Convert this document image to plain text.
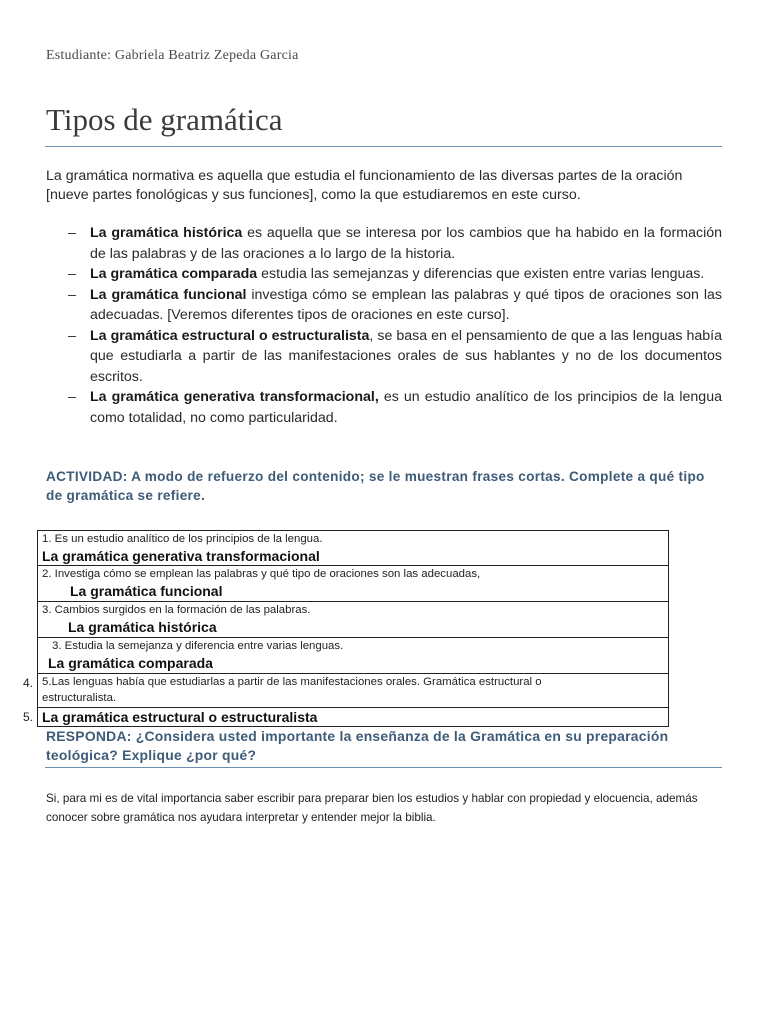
Estudiante: Gabriela Beatriz Zepeda Garcia
Tipos de gramática

La gramática normativa es aquella que estudia el funcionamiento de las diversas partes de la oración [nueve partes fonológicas y sus funciones], como la que estudiaremos en este curso.

– La gramática histórica es aquella que se interesa por los cambios que ha habido en la formación de las palabras y de las oraciones a lo largo de la historia.
– La gramática comparada estudia las semejanzas y diferencias que existen entre varias lenguas.
– La gramática funcional investiga cómo se emplean las palabras y qué tipos de oraciones son las adecuadas. [Veremos diferentes tipos de oraciones en este curso].
– La gramática estructural o estructuralista, se basa en el pensamiento de que a las lenguas había que estudiarla a partir de las manifestaciones orales de sus hablantes y no de los documentos escritos.
– La gramática generativa transformacional, es un estudio analítico de los principios de la lengua como totalidad, no como particularidad.

ACTIVIDAD: A modo de refuerzo del contenido; se le muestran frases cortas. Complete a qué tipo de gramática se refiere.

1. Es un estudio analítico de los principios de la lengua.
La gramática generativa transformacional

2. Investiga cómo se emplean las palabras y qué tipo de oraciones son las adecuadas,
La gramática funcional

3. Cambios surgidos en la formación de las palabras.
La gramática histórica

3. Estudia la semejanza y diferencia entre varias lenguas.
La gramática comparada

5.Las lenguas había que estudiarlas a partir de las manifestaciones orales. Gramática estructural o
estructuralista.

La gramática estructural o estructuralista
4.
5.

RESPONDA: ¿Considera usted importante la enseñanza de la Gramática en su preparación teológica? Explique ¿por qué?

Si, para mi es de vital importancia saber escribir para preparar bien los estudios y hablar con propiedad y elocuencia, además conocer sobre gramática nos ayudara interpretar y entender mejor la biblia.
